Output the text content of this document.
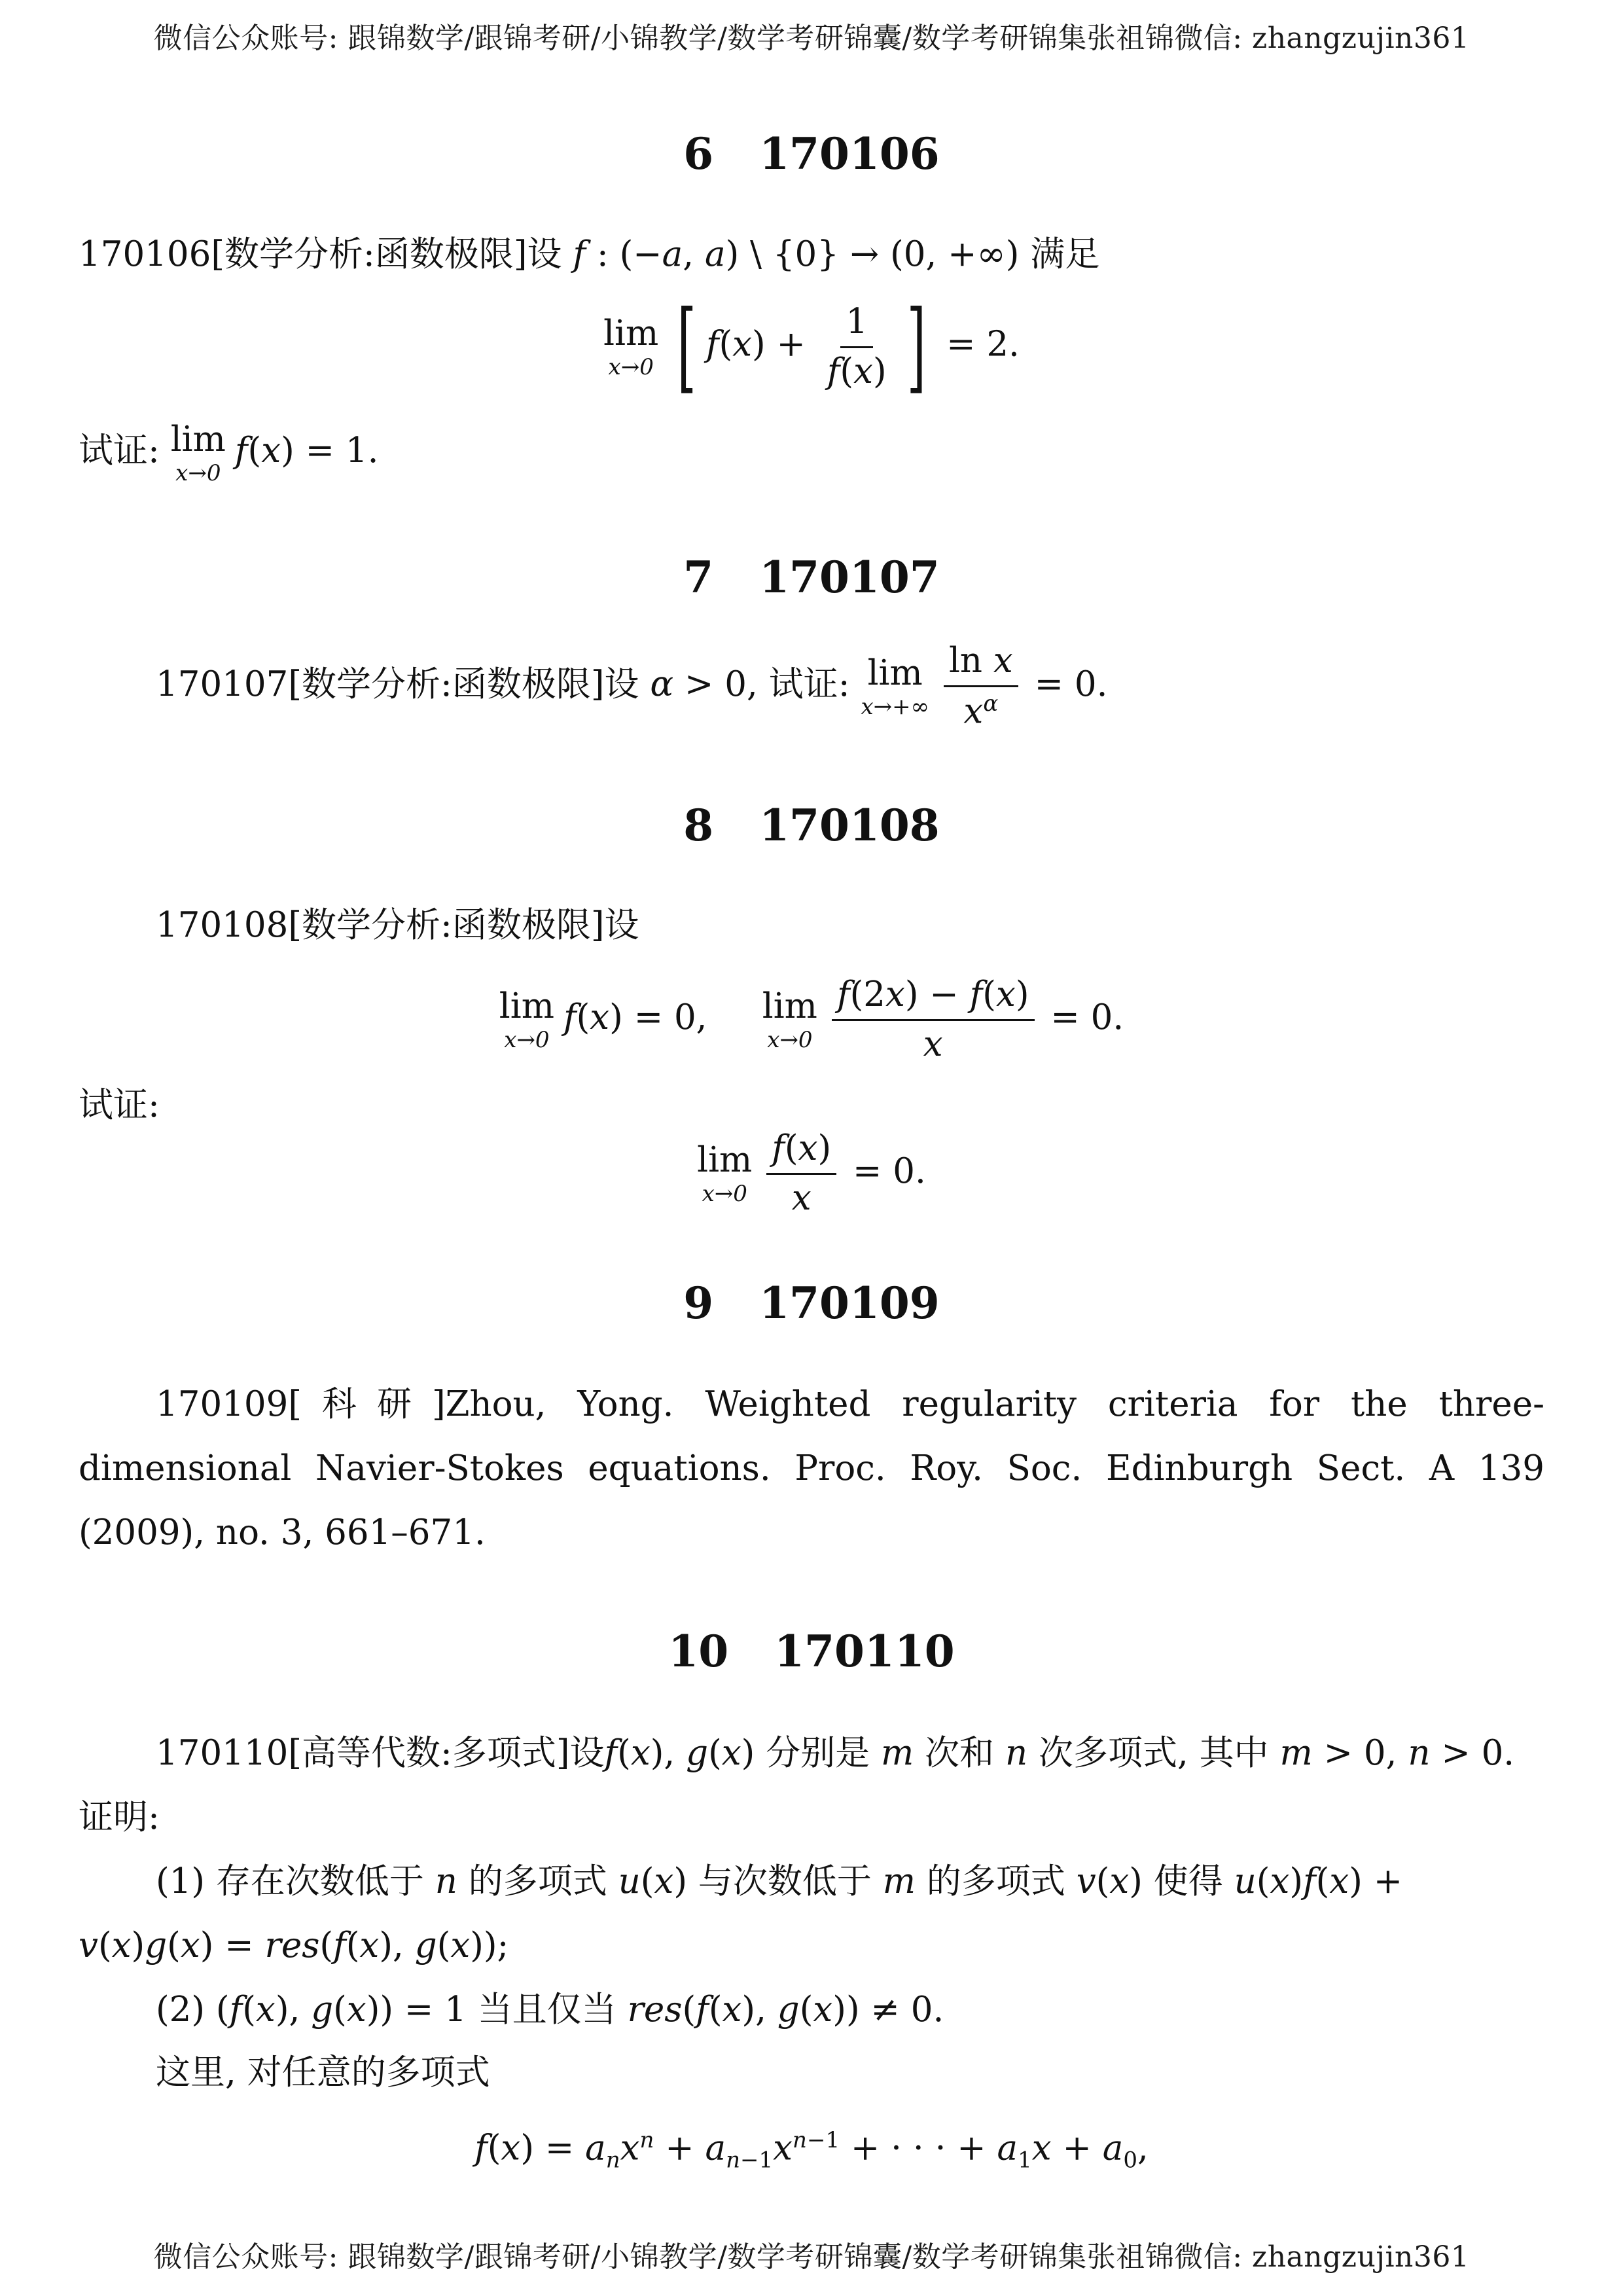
微信公众账号: 跟锦数学/跟锦考研/小锦教学/数学考研锦囊/数学考研锦集张祖锦微信: zhangzujin361
6 170106
170106[数学分析:函数极限]设 f : (−a, a) \ {0} → (0, +∞) 满足
lim
x→0 [ $f(x) + \frac{1}{f(x)}$ ] = 2.
试证: lim
x→0
f(x) = 1.
7 170107
170107[数学分析:函数极限]设 α > 0, 试证: lim
$x\to+\infty \frac{\text{ln x}}{x^\alpha} = 0$.
8 170108
170108[数学分析:函数极限]设
lim
x→0
f(x) = 0, lim
$x\to 0 \frac{f(2x) - f(x)}{x} = 0$.
试证:
lim
$x\to 0 \frac{f(x)}{x} = 0$.
9 170109
170109[科研]Zhou, Yong. Weighted regularity criteria for the three-dimensional Navier-Stokes equations. Proc. Roy. Soc. Edinburgh Sect. A 139 (2009), no. 3, 661–671.
10 170110
170110[高等代数:多项式]设f(x), g(x) 分别是 m 次和 n 次多项式, 其中 m > 0, n > 0. 证明:
(1) 存在次数低于 n 的多项式 u(x) 与次数低于 m 的多项式 v(x) 使得 u(x)f(x) + v(x)g(x) = res(f(x), g(x));
(2) (f(x), g(x)) = 1 当且仅当 res(f(x), g(x)) ≠ 0.
这里, 对任意的多项式
$f(x) = a_nx^n + a_{n-1}x^{n-1}$ + · · · + $a_1x + a_0$,
微信公众账号: 跟锦数学/跟锦考研/小锦教学/数学考研锦囊/数学考研锦集张祖锦微信: zhangzujin361
